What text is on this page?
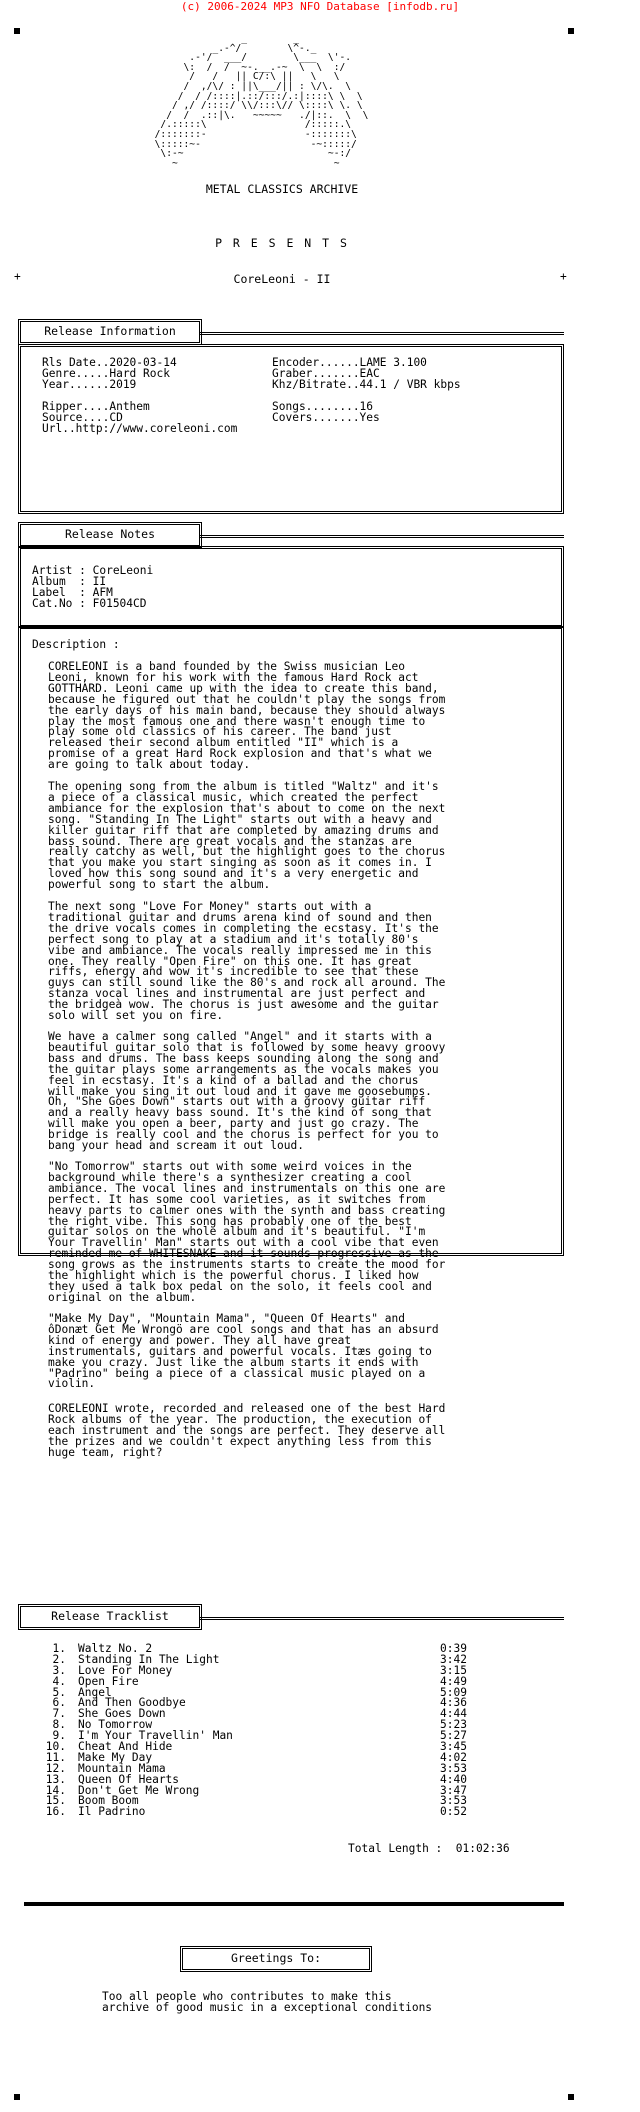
(c) 2006-2024 MP3 NFO Database [infodb.ru]
_        _
_.-^/        \^-._
.-'/  ___/        \___  \'-.
\:  /  /  ~-.__.-~  \  \  :/
/   /   || C/:\ ||   \   \
/  ,/\/ : ||\___/|| : \/\.  \
/  / /::::|.::/:::/.:|::::\ \  \
/ ,/ /::::/ \\/:::\// \::::\ \. \
/  /  .::|\.   ~~~~~   ./|::.  \  \
/.:::::\                 /:::::.\
/:::::::-                 -:::::::\
\:::::~-                   -~:::::/
\:-~                         ~-:/
~                           ~
METAL CLASSICS ARCHIVE
P R E S E N T S
+	CoreLeoni - II	+
Release Information
Rls Date..2020-03-14
Genre.....Hard Rock
Year......2019
Ripper....Anthem
Source....CD
Url..http://www.coreleoni.com
Encoder......LAME 3.100
Graber.......EAC
Khz/Bitrate..44.1 / VBR kbps
Songs........16
Covers.......Yes
Release Notes
Artist : CoreLeoni
Album  : II
Label  : AFM
Cat.No : F01504CD
Description :
CORELEONI is a band founded by the Swiss musician Leo
Leoni, known for his work with the famous Hard Rock act
GOTTHARD. Leoni came up with the idea to create this band,
because he figured out that he couldn't play the songs from
the early days of his main band, because they should always
play the most famous one and there wasn't enough time to
play some old classics of his career. The band just
released their second album entitled "II" which is a
promise of a great Hard Rock explosion and that's what we
are going to talk about today.
The opening song from the album is titled "Waltz" and it's
a piece of a classical music, which created the perfect
ambiance for the explosion that's about to come on the next
song. "Standing In The Light" starts out with a heavy and
killer guitar riff that are completed by amazing drums and
bass sound. There are great vocals and the stanzas are
really catchy as well, but the highlight goes to the chorus
that you make you start singing as soon as it comes in. I
loved how this song sound and it's a very energetic and
powerful song to start the album.
The next song "Love For Money" starts out with a
traditional guitar and drums arena kind of sound and then
the drive vocals comes in completing the ecstasy. It's the
perfect song to play at a stadium and it's totally 80's
vibe and ambiance. The vocals really impressed me in this
one. They really "Open Fire" on this one. It has great
riffs, energy and wow it's incredible to see that these
guys can still sound like the 80's and rock all around. The
stanza vocal lines and instrumental are just perfect and
the bridgeà wow. The chorus is just awesome and the guitar
solo will set you on fire.
We have a calmer song called "Angel" and it starts with a
beautiful guitar solo that is followed by some heavy groovy
bass and drums. The bass keeps sounding along the song and
the guitar plays some arrangements as the vocals makes you
feel in ecstasy. It's a kind of a ballad and the chorus
will make you sing it out loud and it gave me goosebumps.
Oh, "She Goes Down" starts out with a groovy guitar riff
and a really heavy bass sound. It's the kind of song that
will make you open a beer, party and just go crazy. The
bridge is really cool and the chorus is perfect for you to
bang your head and scream it out loud.
"No Tomorrow" starts out with some weird voices in the
background while there's a synthesizer creating a cool
ambiance. The vocal lines and instrumentals on this one are
perfect. It has some cool varieties, as it switches from
heavy parts to calmer ones with the synth and bass creating
the right vibe. This song has probably one of the best
guitar solos on the whole album and it's beautiful. "I'm
Your Travellin' Man" starts out with a cool vibe that even
reminded me of WHITESNAKE and it sounds progressive as the
song grows as the instruments starts to create the mood for
the highlight which is the powerful chorus. I liked how
they used a talk box pedal on the solo, it feels cool and
original on the album.
"Make My Day", "Mountain Mama", "Queen Of Hearts" and
ôDonæt Get Me Wrongö are cool songs and that has an absurd
kind of energy and power. They all have great
instrumentals, guitars and powerful vocals. Itæs going to
make you crazy. Just like the album starts it ends with
"Padrino" being a piece of a classical music played on a
violin.
CORELEONI wrote, recorded and released one of the best Hard
Rock albums of the year. The production, the execution of
each instrument and the songs are perfect. They deserve all
the prizes and we couldn't expect anything less from this
huge team, right?
Release Tracklist
1. Waltz No. 2	0:39
2. Standing In The Light	3:42
3. Love For Money	3:15
4. Open Fire	4:49
5. Angel	5:09
6. And Then Goodbye	4:36
7. She Goes Down	4:44
8. No Tomorrow	5:23
9. I'm Your Travellin' Man	5:27
10. Cheat And Hide	3:45
11. Make My Day	4:02
12. Mountain Mama	3:53
13. Queen Of Hearts	4:40
14. Don't Get Me Wrong	3:47
15. Boom Boom	3:53
16. Il Padrino	0:52
Total Length :  01:02:36
Greetings To:
Too all people who contributes to make this
archive of good music in a exceptional conditions
